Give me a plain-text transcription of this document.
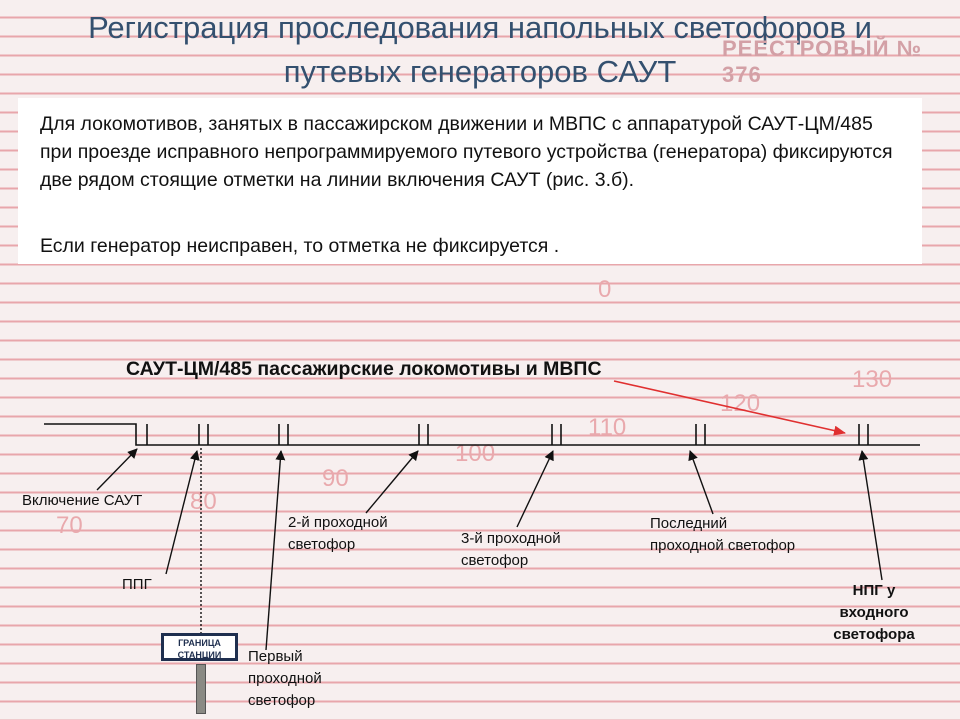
Регистрация проследования напольных светофоров и
путевых генераторов САУТ
РЕЕСТРОВЫЙ № 376

Для локомотивов, занятых в пассажирском движении и МВПС с аппаратурой САУТ-ЦМ/485 при проезде исправного непрограммируемого путевого устройства (генератора) фиксируются две рядом стоящие отметки на линии включения САУТ (рис. 3.б).

Если генератор неисправен, то отметка не фиксируется .

0
70
80
90
100
110
120
130
САУТ-ЦМ/485 пассажирские локомотивы и МВПС
Включение САУТ
ППГ
Первый
проходной
светофор
2-й проходной
светофор	3-й проходной
светофор
Последний
проходной светофор
НПГ у
входного
светофора
ГРАНИЦА
СТАНЦИИ
